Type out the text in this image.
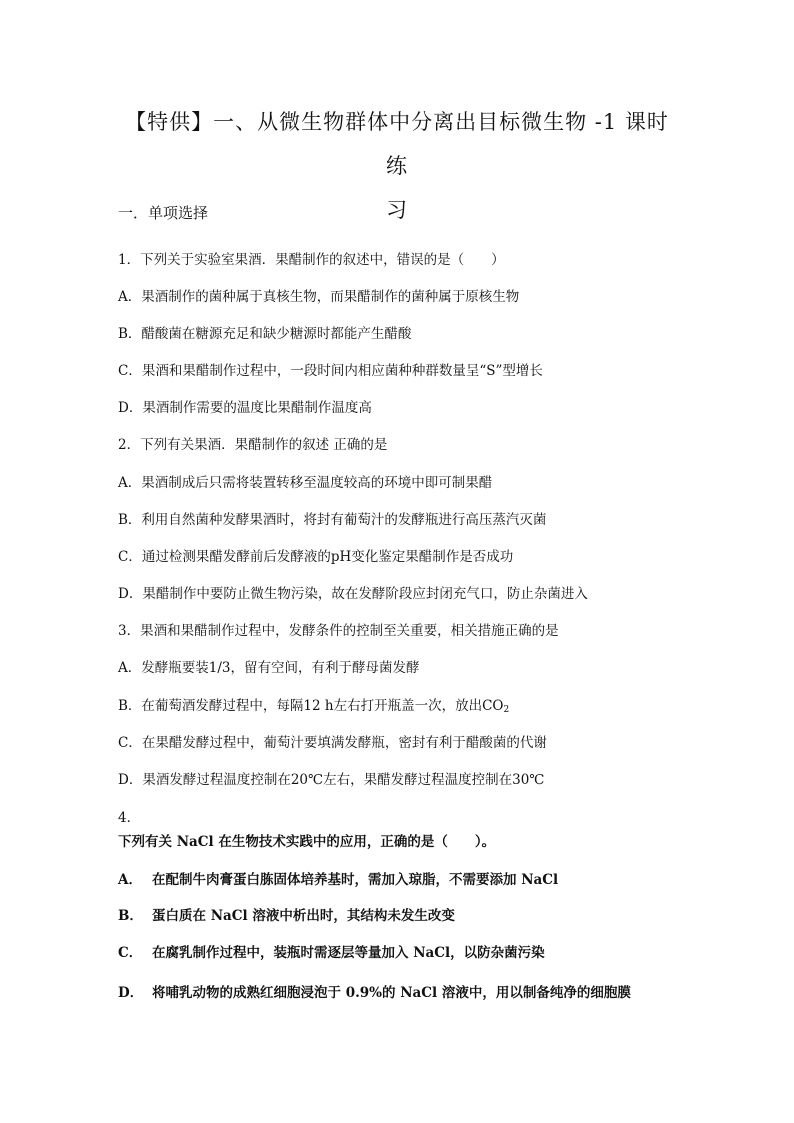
【特供】一、从微生物群体中分离出目标微生物 -1 课时练
习
一．单项选择
1．下列关于实验室果酒．果醋制作的叙述中，错误的是（　　）
A．果酒制作的菌种属于真核生物，而果醋制作的菌种属于原核生物
B．醋酸菌在糖源充足和缺少糖源时都能产生醋酸
C．果酒和果醋制作过程中，一段时间内相应菌种种群数量呈“S”型增长
D．果酒制作需要的温度比果醋制作温度高
2．下列有关果酒．果醋制作的叙述 正确的是
A．果酒制成后只需将装置转移至温度较高的环境中即可制果醋
B．利用自然菌种发酵果酒时，将封有葡萄汁的发酵瓶进行高压蒸汽灭菌
C．通过检测果醋发酵前后发酵液的pH变化鉴定果醋制作是否成功
D．果醋制作中要防止微生物污染，故在发酵阶段应封闭充气口，防止杂菌进入
3．果酒和果醋制作过程中，发酵条件的控制至关重要，相关措施正确的是
A．发酵瓶要装1/3，留有空间，有利于酵母菌发酵
B．在葡萄酒发酵过程中，每隔12 h左右打开瓶盖一次，放出$CO_2$
C．在果醋发酵过程中，葡萄汁要填满发酵瓶，密封有利于醋酸菌的代谢
D．果酒发酵过程温度控制在20℃左右，果醋发酵过程温度控制在30℃
4．
下列有关 NaCl 在生物技术实践中的应用，正确的是（　　）。
A． 在配制牛肉膏蛋白胨固体培养基时，需加入琼脂，不需要添加 NaCl
B． 蛋白质在 NaCl 溶液中析出时，其结构未发生改变
C． 在腐乳制作过程中，装瓶时需逐层等量加入 NaCl，以防杂菌污染
D． 将哺乳动物的成熟红细胞浸泡于 0.9%的 NaCl 溶液中，用以制备纯净的细胞膜
